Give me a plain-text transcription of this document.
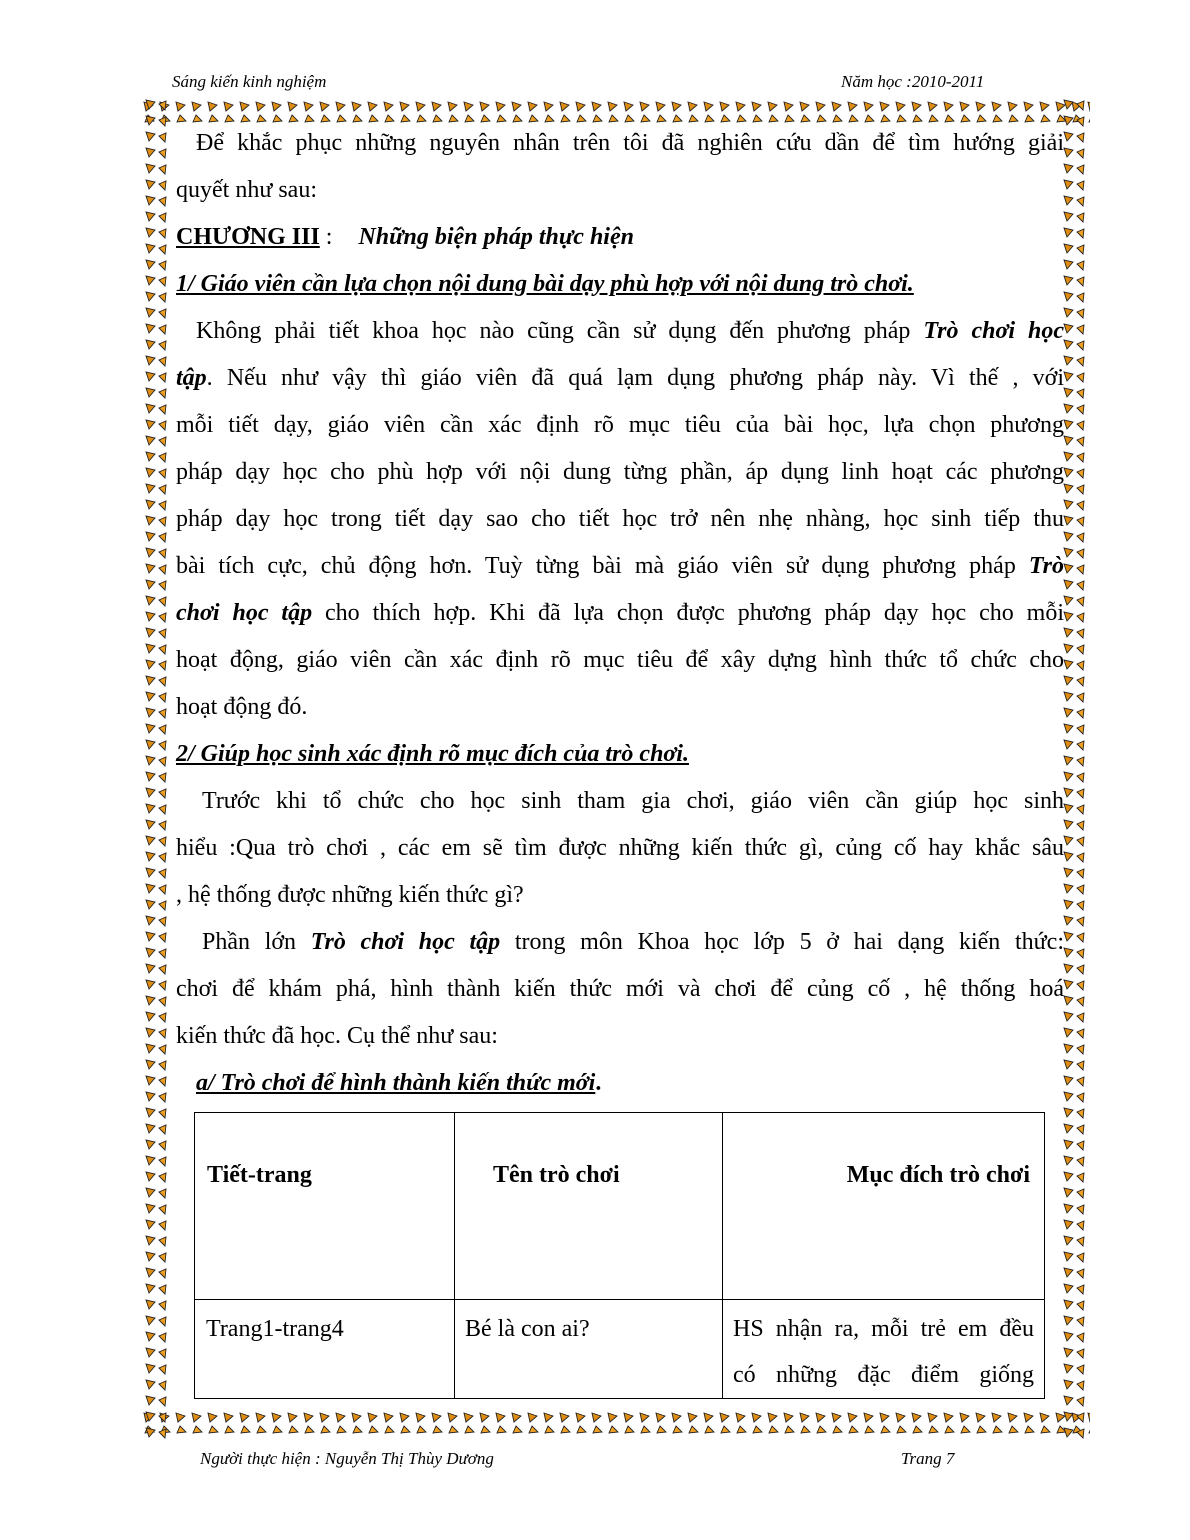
Sáng kiến kinh nghiệm	Năm học :2010-2011
Để khắc phục những nguyên nhân trên tôi đã nghiên cứu dần để tìm hướng giải
quyết như sau:
CHƯƠNG III : Những biện pháp thực hiện
1/ Giáo viên cần lựa chọn nội dung bài dạy phù hợp với nội dung trò chơi.
Không phải tiết khoa học nào cũng cần sử dụng đến phương pháp Trò chơi học
tập. Nếu như vậy thì giáo viên đã quá lạm dụng phương pháp này. Vì thế , với
mỗi tiết dạy, giáo viên cần xác định rõ mục tiêu của bài học, lựa chọn phương
pháp dạy học cho phù hợp với nội dung từng phần, áp dụng linh hoạt các phương
pháp dạy học trong tiết dạy sao cho tiết học trở nên nhẹ nhàng, học sinh tiếp thu
bài tích cực, chủ động hơn. Tuỳ từng bài mà giáo viên sử dụng phương pháp Trò
chơi học tập cho thích hợp. Khi đã lựa chọn được phương pháp dạy học cho mỗi
hoạt động, giáo viên cần xác định rõ mục tiêu để xây dựng hình thức tổ chức cho
hoạt động đó.
2/ Giúp học sinh xác định rõ mục đích của trò chơi.
Trước khi tổ chức cho học sinh tham gia chơi, giáo viên cần giúp học sinh
hiểu :Qua trò chơi , các em sẽ tìm được những kiến thức gì, củng cố hay khắc sâu
, hệ thống được những kiến thức gì?
Phần lớn Trò chơi học tập trong môn Khoa học lớp 5 ở hai dạng kiến thức:
chơi để khám phá, hình thành kiến thức mới và chơi để củng cố , hệ thống hoá
kiến thức đã học. Cụ thể như sau:
a/ Trò chơi để hình thành kiến thức mới.
Tiết-trang	Tên trò chơi	Mục đích trò chơi

Trang1-trang4	Bé là con ai?	HS nhận ra, mỗi trẻ em đều
có những đặc điểm giống
Người thực hiện : Nguyễn Thị Thùy Dương	Trang 7
